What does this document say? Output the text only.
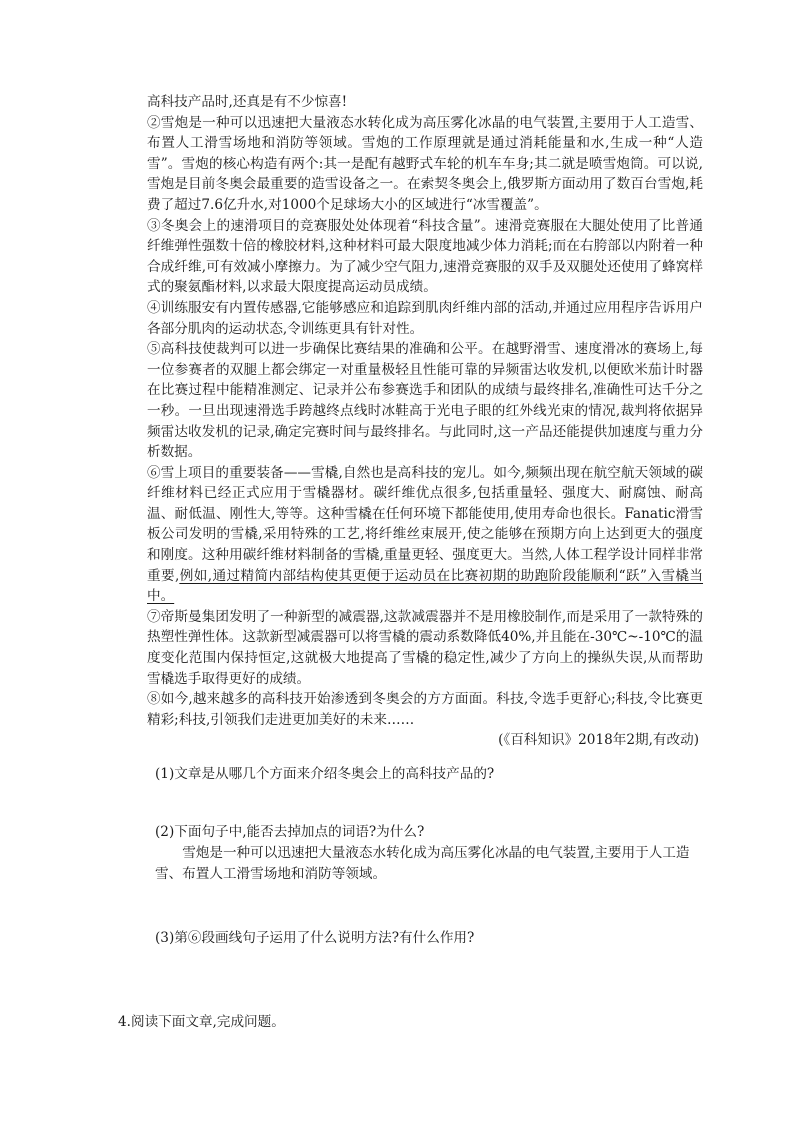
高科技产品时,还真是有不少惊喜!

②雪炮是一种可以迅速把大量液态水转化成为高压雾化冰晶的电气装置,主要用于人工造雪、布置人工滑雪场地和消防等领域。雪炮的工作原理就是通过消耗能量和水,生成一种“人造雪”。雪炮的核心构造有两个:其一是配有越野式车轮的机车车身;其二就是喷雪炮筒。可以说,雪炮是目前冬奥会最重要的造雪设备之一。在索契冬奥会上,俄罗斯方面动用了数百台雪炮,耗费了超过7.6亿升水,对1000个足球场大小的区域进行“冰雪覆盖”。

③冬奥会上的速滑项目的竞赛服处处体现着“科技含量”。速滑竞赛服在大腿处使用了比普通纤维弹性强数十倍的橡胶材料,这种材料可最大限度地减少体力消耗;而在右胯部以内附着一种合成纤维,可有效减小摩擦力。为了减少空气阻力,速滑竞赛服的双手及双腿处还使用了蜂窝样式的聚氨酯材料,以求最大限度提高运动员成绩。

④训练服安有内置传感器,它能够感应和追踪到肌肉纤维内部的活动,并通过应用程序告诉用户各部分肌肉的运动状态,令训练更具有针对性。

⑤高科技使裁判可以进一步确保比赛结果的准确和公平。在越野滑雪、速度滑冰的赛场上,每一位参赛者的双腿上都会绑定一对重量极轻且性能可靠的异频雷达收发机,以便欧米茄计时器在比赛过程中能精准测定、记录并公布参赛选手和团队的成绩与最终排名,准确性可达千分之一秒。一旦出现速滑选手跨越终点线时冰鞋高于光电子眼的红外线光束的情况,裁判将依据异频雷达收发机的记录,确定完赛时间与最终排名。与此同时,这一产品还能提供加速度与重力分析数据。

⑥雪上项目的重要装备——雪橇,自然也是高科技的宠儿。如今,频频出现在航空航天领域的碳纤维材料已经正式应用于雪橇器材。碳纤维优点很多,包括重量轻、强度大、耐腐蚀、耐高温、耐低温、刚性大,等等。这种雪橇在任何环境下都能使用,使用寿命也很长。Fanatic滑雪板公司发明的雪橇,采用特殊的工艺,将纤维丝束展开,使之能够在预期方向上达到更大的强度和刚度。这种用碳纤维材料制备的雪橇,重量更轻、强度更大。当然,人体工程学设计同样非常重要,例如,通过精简内部结构使其更便于运动员在比赛初期的助跑阶段能顺利“跃”入雪橇当中。

⑦帝斯曼集团发明了一种新型的减震器,这款减震器并不是用橡胶制作,而是采用了一款特殊的热塑性弹性体。这款新型减震器可以将雪橇的震动系数降低40%,并且能在-30℃~-10℃的温度变化范围内保持恒定,这就极大地提高了雪橇的稳定性,减少了方向上的操纵失误,从而帮助雪橇选手取得更好的成绩。

⑧如今,越来越多的高科技开始渗透到冬奥会的方方面面。科技,令选手更舒心;科技,令比赛更精彩;科技,引领我们走进更加美好的未来……

(《百科知识》2018年2期,有改动)

(1)文章是从哪几个方面来介绍冬奥会上的高科技产品的?

(2)下面句子中,能否去掉加点的词语?为什么?

雪炮是一种可以迅速把大量液态水转化成为高压雾化冰晶的电气装置,主要用于人工造雪、布置人工滑雪场地和消防等领域。

(3)第⑥段画线句子运用了什么说明方法?有什么作用?

4.阅读下面文章,完成问题。
